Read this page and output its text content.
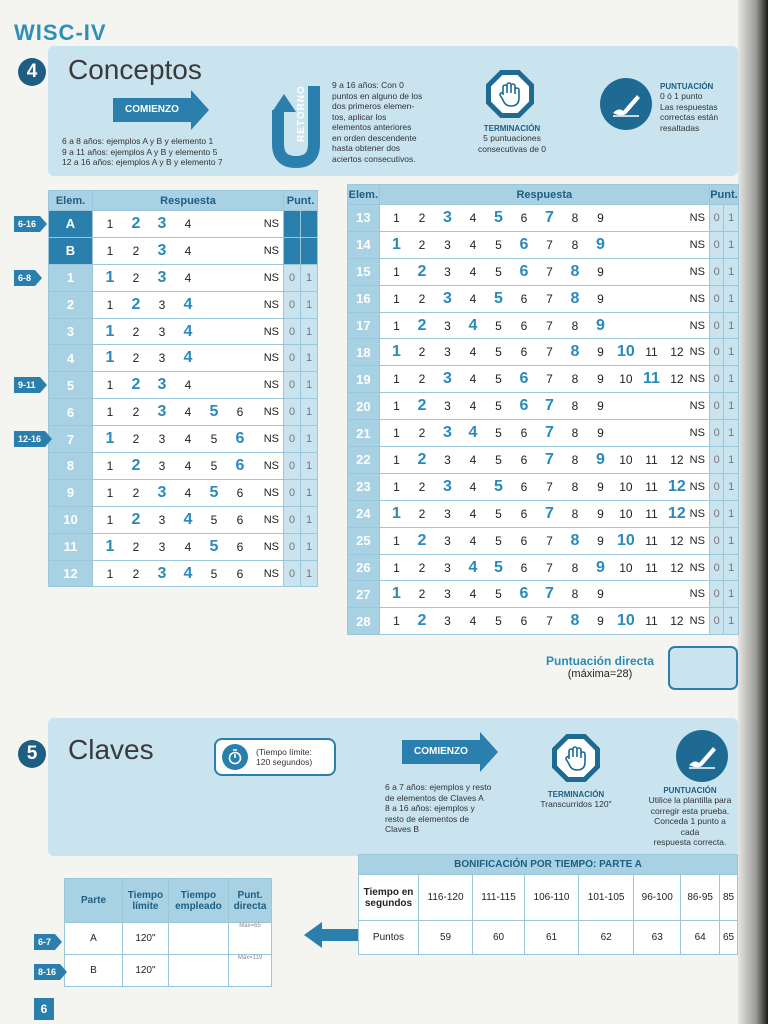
WISC-IV
4	Conceptos
COMIENZO
6 a 8 años: ejemplos A y B y elemento 1
9 a 11 años: ejemplos A y B y elemento 5
12 a 16 años: ejemplos A y B y elemento 7
RETORNO
9 a 16 años: Con 0
puntos en alguno de los
dos primeros elemen-
tos, aplicar los
elementos anteriores
en orden descendente
hasta obtener dos
aciertos consecutivos.
TERMINACIÓN
5 puntuaciones
consecutivas de 0
PUNTUACIÓN
0 ó 1 punto
Las respuestas
correctas están
resaltadas
Elem.	Respuesta		Punt.	
A	1 2 3 4	NS		
B	1 2 3 4	NS		
1	1 2 3 4	NS	0	1
2	1 2 3 4	NS	0	1
3	1 2 3 4	NS	0	1
4	1 2 3 4	NS	0	1
5	1 2 3 4	NS	0	1
6	1 2 3 4 5 6	NS	0	1
7	1 2 3 4 5 6	NS	0	1
8	1 2 3 4 5 6	NS	0	1
9	1 2 3 4 5 6	NS	0	1
10	1 2 3 4 5 6	NS	0	1
11	1 2 3 4 5 6	NS	0	1
12	1 2 3 4 5 6	NS	0	1
Elem.	Respuesta		Punt.	
13	1 2 3 4 5 6 7 8 9	NS	0	1
14	1 2 3 4 5 6 7 8 9	NS	0	1
15	1 2 3 4 5 6 7 8 9	NS	0	1
16	1 2 3 4 5 6 7 8 9	NS	0	1
17	1 2 3 4 5 6 7 8 9	NS	0	1
18	1 2 3 4 5 6 7 8 9 10 11 12	NS	0	1
19	1 2 3 4 5 6 7 8 9 10 11 12	NS	0	1
20	1 2 3 4 5 6 7 8 9	NS	0	1
21	1 2 3 4 5 6 7 8 9	NS	0	1
22	1 2 3 4 5 6 7 8 9 10 11 12	NS	0	1
23	1 2 3 4 5 6 7 8 9 10 11 12	NS	0	1
24	1 2 3 4 5 6 7 8 9 10 11 12	NS	0	1
25	1 2 3 4 5 6 7 8 9 10 11 12	NS	0	1
26	1 2 3 4 5 6 7 8 9 10 11 12	NS	0	1
27	1 2 3 4 5 6 7 8 9	NS	0	1
28	1 2 3 4 5 6 7 8 9 10 11 12	NS	0	1
6-16
6-8
9-11
12-16
Puntuación directa
(máxima=28)
5	Claves	(Tiempo límite:
120 segundos)
COMIENZO
6 a 7 años: ejemplos y resto
de elementos de Claves A
8 a 16 años: ejemplos y
resto de elementos de
Claves B
TERMINACIÓN
Transcurridos 120"
PUNTUACIÓN
Utilice la plantilla para
corregir esta prueba.
Conceda 1 punto a cada
respuesta correcta.
Parte	Tiempo límite	Tiempo empleado	Punt. directa
A	120"		Máx=65
B	120"		Máx=119
6-7
8-16
BONIFICACIÓN POR TIEMPO: PARTE A							
Tiempo en segundos	116-120	111-115	106-110	101-105	96-100	86-95	85
Puntos	59	60	61	62	63	64	65
6
